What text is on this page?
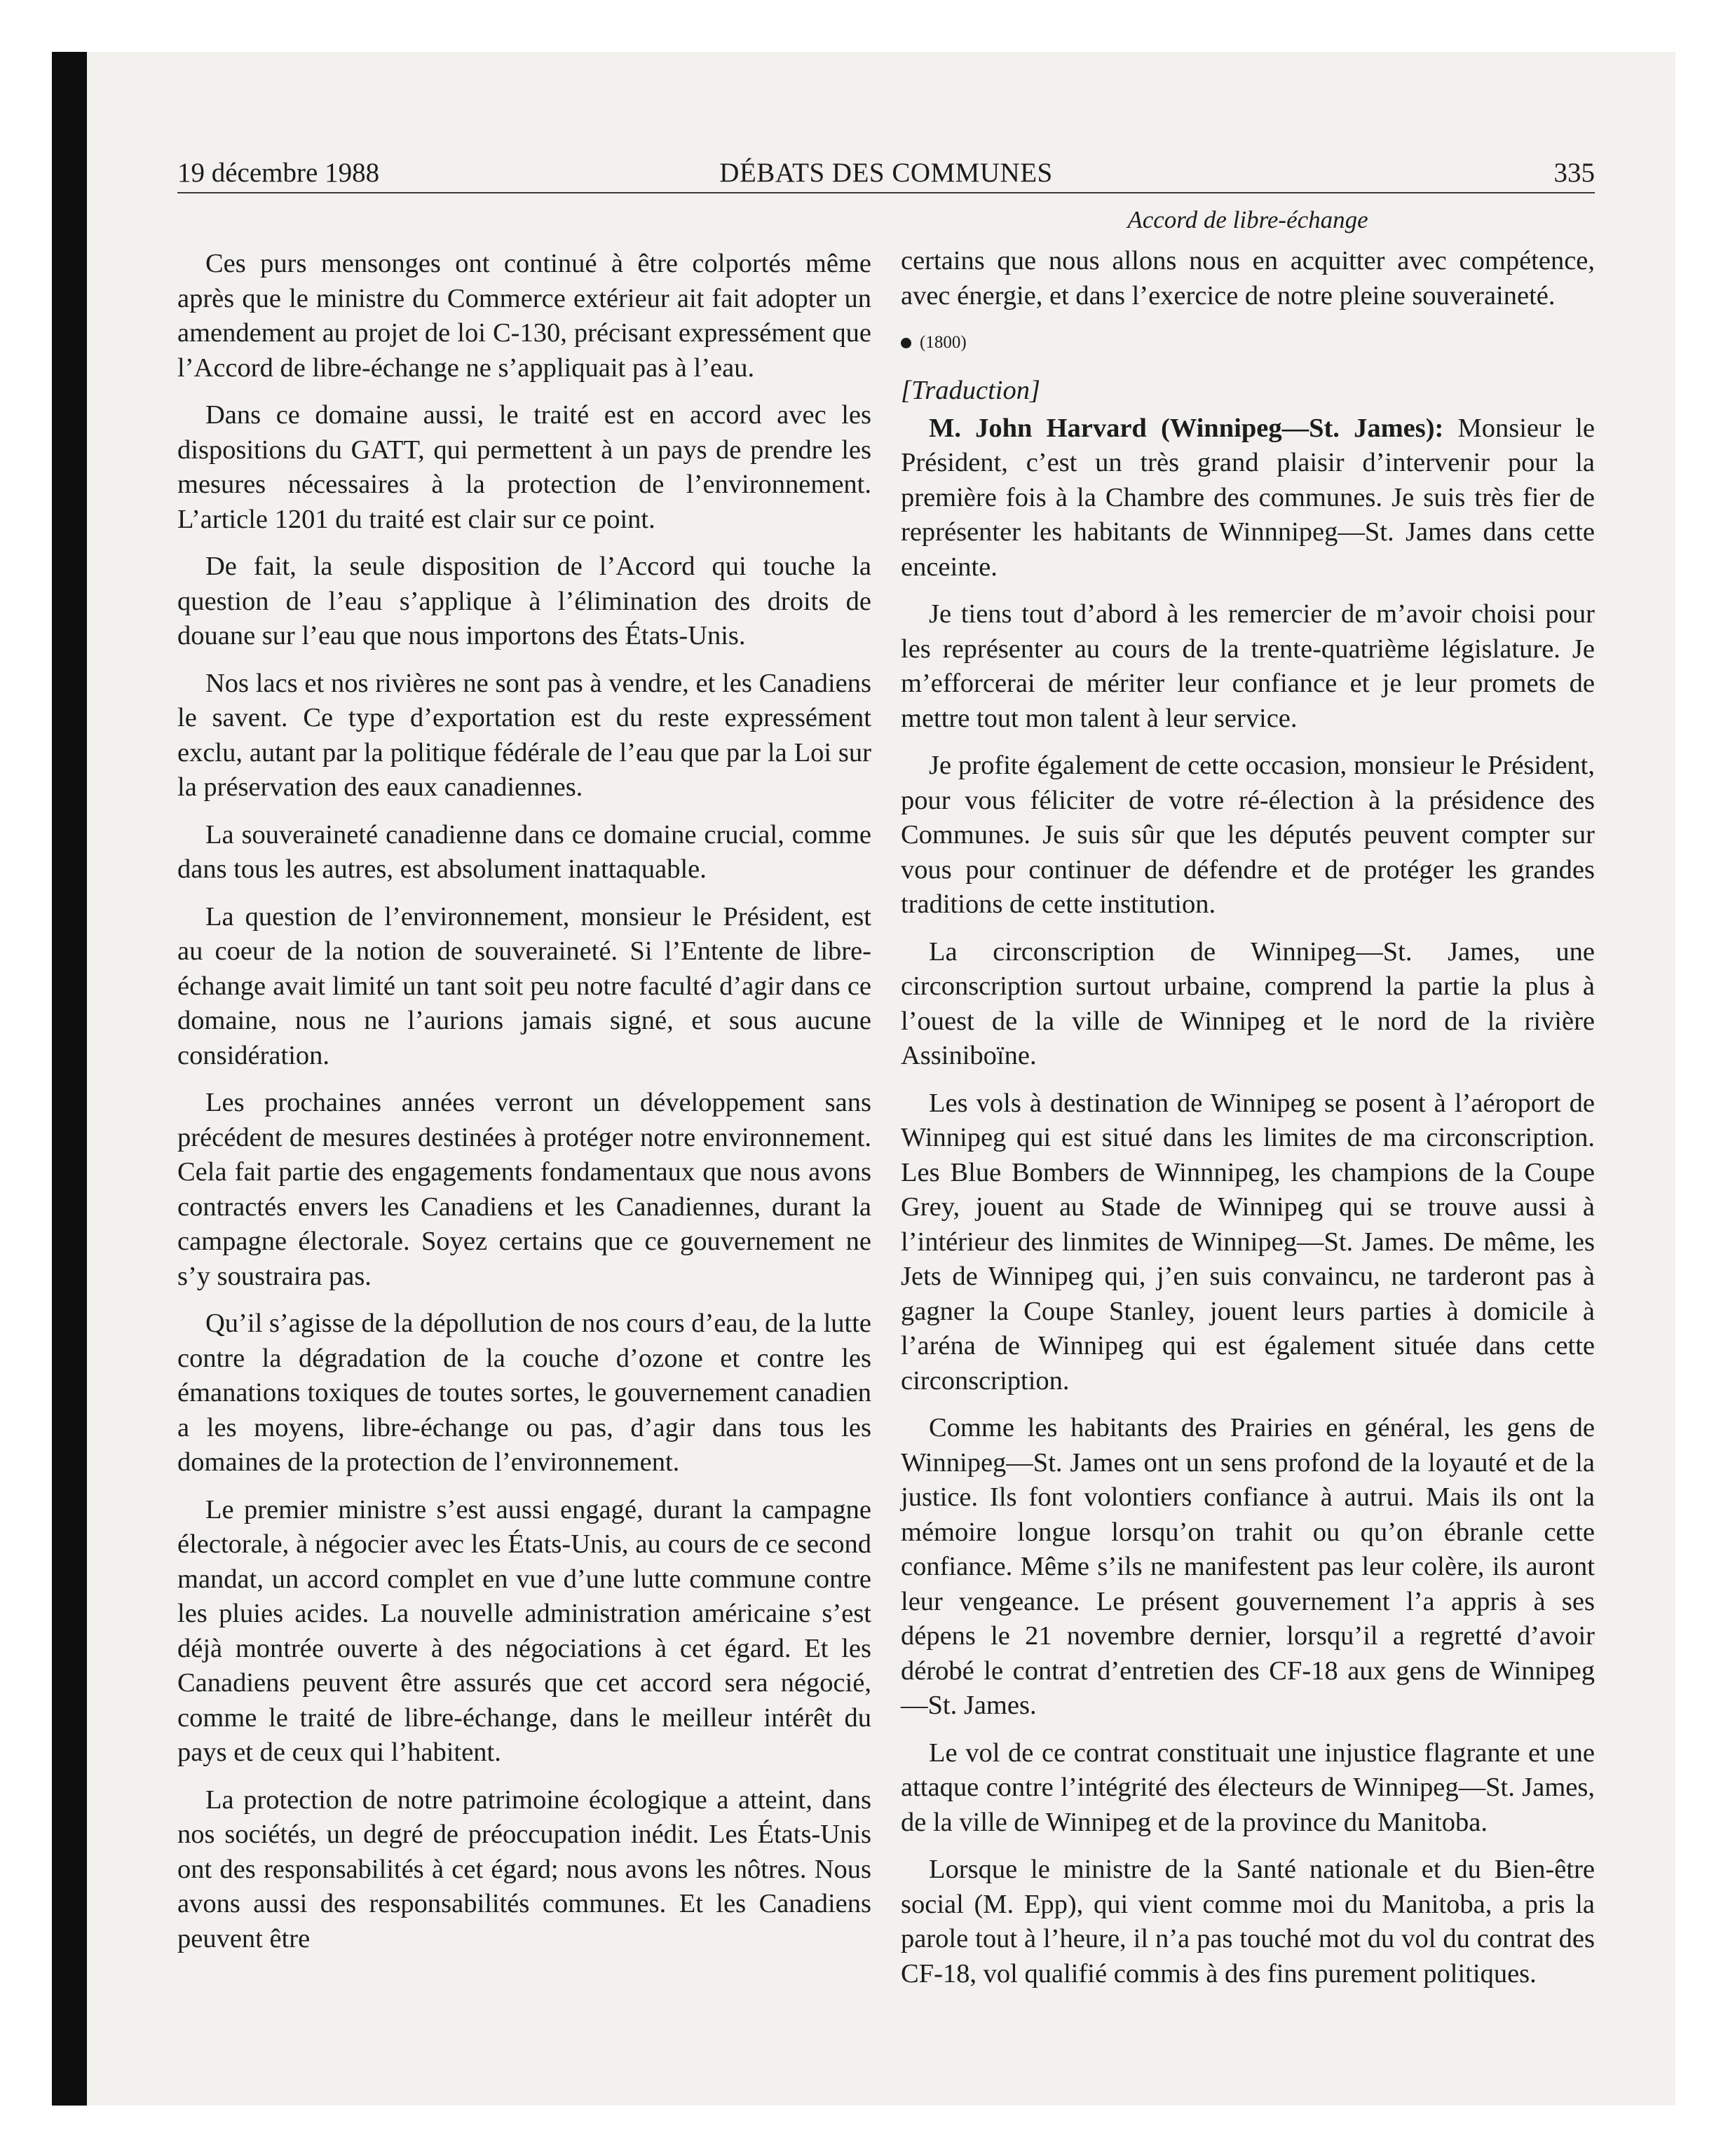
19 décembre 1988	DÉBATS DES COMMUNES	335
Accord de libre-échange

Ces purs mensonges ont continué à être colportés même après que le ministre du Commerce extérieur ait fait adopter un amendement au projet de loi C-130, précisant expressément que l’Accord de libre-échange ne s’appliquait pas à l’eau.

Dans ce domaine aussi, le traité est en accord avec les dispositions du GATT, qui permettent à un pays de prendre les mesures nécessaires à la protection de l’environnement. L’article 1201 du traité est clair sur ce point.

De fait, la seule disposition de l’Accord qui touche la question de l’eau s’applique à l’élimination des droits de douane sur l’eau que nous importons des États-Unis.

Nos lacs et nos rivières ne sont pas à vendre, et les Canadiens le savent. Ce type d’exportation est du reste expressément exclu, autant par la politique fédérale de l’eau que par la Loi sur la préservation des eaux canadiennes.

La souveraineté canadienne dans ce domaine crucial, comme dans tous les autres, est absolument inattaquable.

La question de l’environnement, monsieur le Président, est au coeur de la notion de souveraineté. Si l’Entente de libre-échange avait limité un tant soit peu notre faculté d’agir dans ce domaine, nous ne l’aurions jamais signé, et sous aucune considération.

Les prochaines années verront un développement sans précédent de mesures destinées à protéger notre environnement. Cela fait partie des engagements fondamentaux que nous avons contractés envers les Canadiens et les Canadiennes, durant la campagne électorale. Soyez certains que ce gouvernement ne s’y soustraira pas.

Qu’il s’agisse de la dépollution de nos cours d’eau, de la lutte contre la dégradation de la couche d’ozone et contre les émanations toxiques de toutes sortes, le gouvernement canadien a les moyens, libre-échange ou pas, d’agir dans tous les domaines de la protection de l’environnement.

Le premier ministre s’est aussi engagé, durant la campagne électorale, à négocier avec les États-Unis, au cours de ce second mandat, un accord complet en vue d’une lutte commune contre les pluies acides. La nouvelle administration américaine s’est déjà montrée ouverte à des négociations à cet égard. Et les Canadiens peuvent être assurés que cet accord sera négocié, comme le traité de libre-échange, dans le meilleur intérêt du pays et de ceux qui l’habitent.

La protection de notre patrimoine écologique a atteint, dans nos sociétés, un degré de préoccupation inédit. Les États-Unis ont des responsabilités à cet égard; nous avons les nôtres. Nous avons aussi des responsabilités communes. Et les Canadiens peuvent être

certains que nous allons nous en acquitter avec compétence, avec énergie, et dans l’exercice de notre pleine souveraineté.

(1800)
[Traduction]

M. John Harvard (Winnipeg—St. James): Monsieur le Président, c’est un très grand plaisir d’intervenir pour la première fois à la Chambre des communes. Je suis très fier de représenter les habitants de Winnnipeg—St. James dans cette enceinte.

Je tiens tout d’abord à les remercier de m’avoir choisi pour les représenter au cours de la trente-quatrième législature. Je m’efforcerai de mériter leur confiance et je leur promets de mettre tout mon talent à leur service.

Je profite également de cette occasion, monsieur le Président, pour vous féliciter de votre ré-élection à la présidence des Communes. Je suis sûr que les députés peuvent compter sur vous pour continuer de défendre et de protéger les grandes traditions de cette institution.

La circonscription de Winnipeg—St. James, une circonscription surtout urbaine, comprend la partie la plus à l’ouest de la ville de Winnipeg et le nord de la rivière Assiniboïne.

Les vols à destination de Winnipeg se posent à l’aéroport de Winnipeg qui est situé dans les limites de ma circonscription. Les Blue Bombers de Winnnipeg, les champions de la Coupe Grey, jouent au Stade de Winnipeg qui se trouve aussi à l’intérieur des linmites de Winnipeg—St. James. De même, les Jets de Winnipeg qui, j’en suis convaincu, ne tarderont pas à gagner la Coupe Stanley, jouent leurs parties à domicile à l’aréna de Winnipeg qui est également située dans cette circonscription.

Comme les habitants des Prairies en général, les gens de Winnipeg—St. James ont un sens profond de la loyauté et de la justice. Ils font volontiers confiance à autrui. Mais ils ont la mémoire longue lorsqu’on trahit ou qu’on ébranle cette confiance. Même s’ils ne manifestent pas leur colère, ils auront leur vengeance. Le présent gouvernement l’a appris à ses dépens le 21 novembre dernier, lorsqu’il a regretté d’avoir dérobé le contrat d’entretien des CF-18 aux gens de Winnipeg—St. James.

Le vol de ce contrat constituait une injustice flagrante et une attaque contre l’intégrité des électeurs de Winnipeg—St. James, de la ville de Winnipeg et de la province du Manitoba.

Lorsque le ministre de la Santé nationale et du Bien-être social (M. Epp), qui vient comme moi du Manitoba, a pris la parole tout à l’heure, il n’a pas touché mot du vol du contrat des CF-18, vol qualifié commis à des fins purement politiques.
